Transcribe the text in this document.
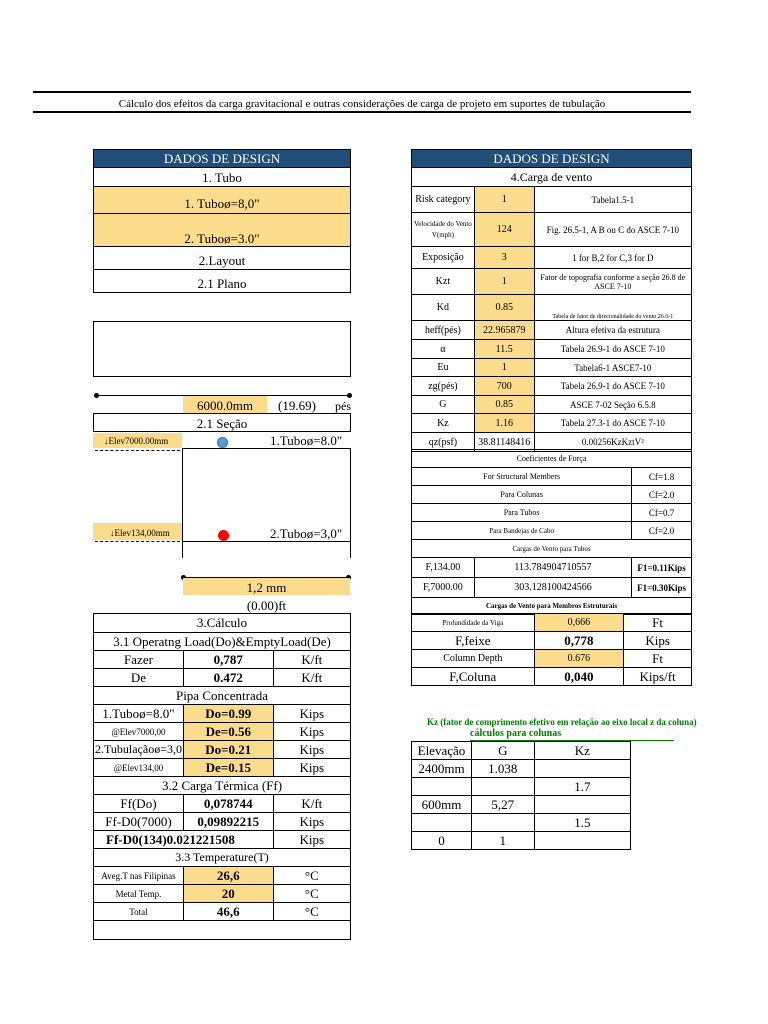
Cálculo dos efeitos da carga gravitacional e outras considerações de carga de projeto em suportes de tubulação
DADOS DE DESIGN
1. Tubo
1. Tuboø=8,0"
2. Tuboø=3.0"
2.Layout
2.1 Plano
6000.0mm	(19.69) pés
2.1 Seção
↓Elev7000.00mm	1.Tuboø=8.0"
↓Elev134,00mm	2.Tuboø=3,0"
1,2 mm
(0.00)ft
3.Cálculo		
3.1 Operatng Load(Do)&EmptyLoad(De)		
Fazer	0,787	K/ft
De	0.472	K/ft
Pipa Concentrada		
1.Tuboø=8.0"	Do=0.99	Kips
@Elev7000,00	De=0.56	Kips
2.Tubulaçãoø=3,0	Do=0.21	Kips
@Elev134,00	De=0.15	Kips
3.2 Carga Térmica (Ff)		
Ff(Do)	0,078744	K/ft
Ff-D0(7000)	0,09892215	Kips
Ff-D0(134)0.021221508		Kips
3.3 Temperature(T)		
Aveg.T nas Filipinas	26,6	°C
Metal Temp.	20	°C
Total	46,6	°C

DADOS DE DESIGN
4.Carga de vento		
Risk category	1	Tabela1.5-1
Velocidade do Vento
V(mph)	124	Fig. 26.5-1, A B ou C do ASCE 7-10
Exposição	3	1 for B,2 for C,3 for D
Kzt	1	Fator de topografia conforme a seção 26.8 de ASCE 7-10
Kd	0.85	Tabela de fator de direcionalidade do vento 26.6-1
heff(pés)	22.965879	Altura efetiva da estrutura
α	11.5	Tabela 26.9-1 do ASCE 7-10
Eu	1	Tabela6-1 ASCE7-10
zg(pés)	700	Tabela 26.9-1 do ASCE 7-10
G	0.85	ASCE 7-02 Seção 6.5.8
Kz	1.16	Tabela 27.3-1 do ASCE 7-10
qz(psf)	38.81148416	0.00256KzKztV²
Coeficientes de Força	
For Structural Members	Cf=1.8
Para Colunas	Cf=2.0
Para Tubos	Cf=0.7
Para Bandejas de Cabo	Cf=2.0
Cargas de Vento para Tubos	
F,134.00	113.784904710557	F1=0.11Kips
F,7000.00	303.128100424566	F1=0.30Kips
Cargas de Vento para Membros Estruturais		
Profundidade da Viga	0,666	Ft
F,feixe	0,778	Kips
Column Depth	0.676	Ft
F,Coluna	0,040	Kips/ft
Kz (fator de comprimento efetivo em relação ao eixo local z da coluna)
cálculos para colunas
Elevação	G	Kz
2400mm	1.038	
		1.7
600mm	5,27	
		1.5
0	1	
